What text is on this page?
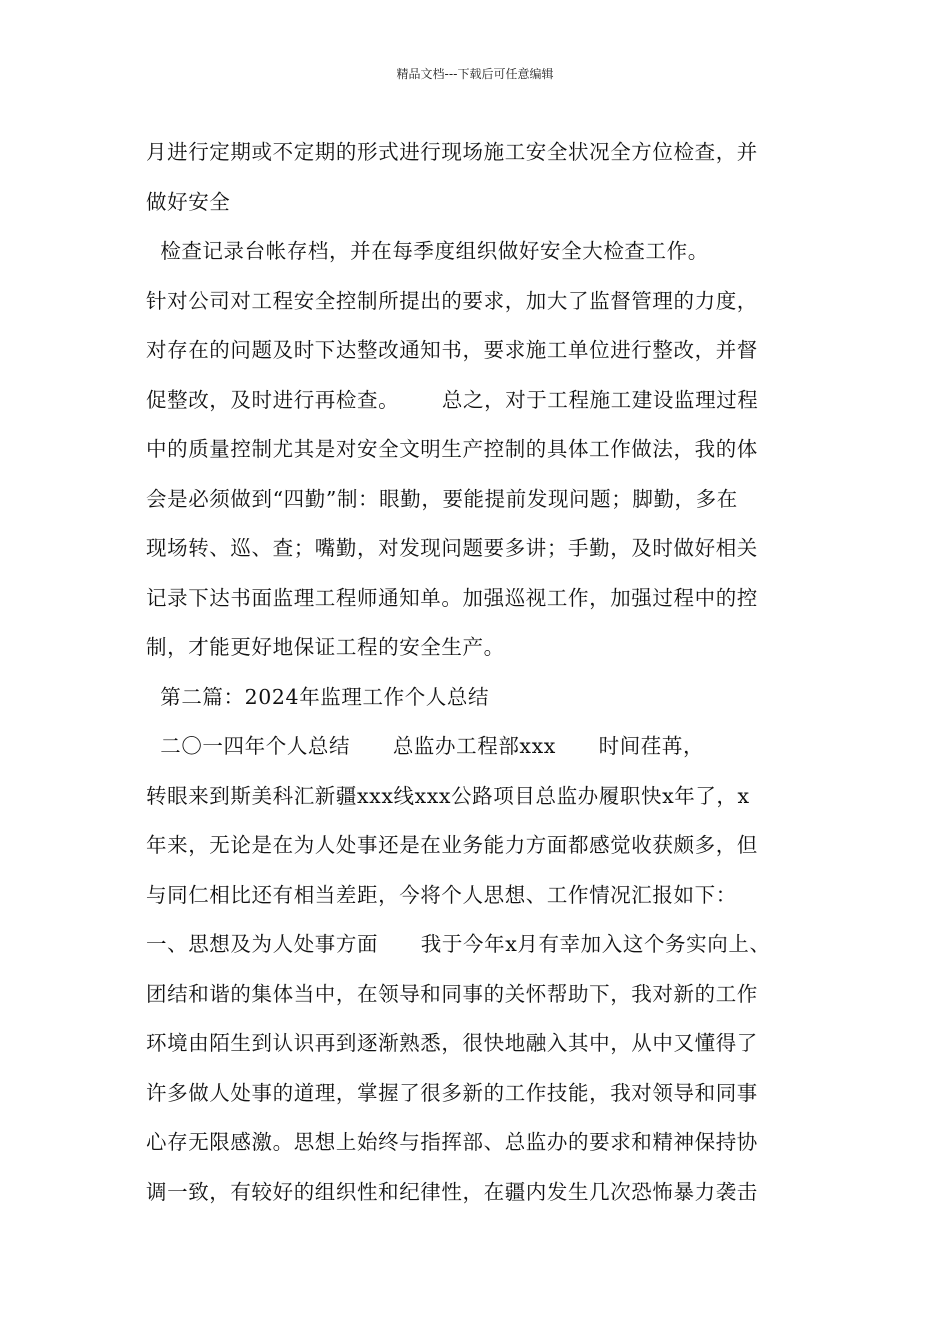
精品文档---下载后可任意编辑
月进行定期或不定期的形式进行现场施工安全状况全方位检查，并
做好安全
检查记录台帐存档，并在每季度组织做好安全大检查工作。
针对公司对工程安全控制所提出的要求，加大了监督管理的力度，
对存在的问题及时下达整改通知书，要求施工单位进行整改，并督
促整改，及时进行再检查。      总之，对于工程施工建设监理过程
中的质量控制尤其是对安全文明生产控制的具体工作做法，我的体
会是必须做到“四勤”制：眼勤，要能提前发现问题；脚勤，多在
现场转、巡、查；嘴勤，对发现问题要多讲；手勤，及时做好相关
记录下达书面监理工程师通知单。加强巡视工作，加强过程中的控
制，才能更好地保证工程的安全生产。
第二篇：2024年监理工作个人总结
二〇一四年个人总结      总监办工程部xxx      时间荏苒，
转眼来到斯美科汇新疆xxx线xxx公路项目总监办履职快x年了，x
年来，无论是在为人处事还是在业务能力方面都感觉收获颇多，但
与同仁相比还有相当差距，今将个人思想、工作情况汇报如下：
一、思想及为人处事方面      我于今年x月有幸加入这个务实向上、
团结和谐的集体当中，在领导和同事的关怀帮助下，我对新的工作
环境由陌生到认识再到逐渐熟悉，很快地融入其中，从中又懂得了
许多做人处事的道理，掌握了很多新的工作技能，我对领导和同事
心存无限感激。思想上始终与指挥部、总监办的要求和精神保持协
调一致，有较好的组织性和纪律性，在疆内发生几次恐怖暴力袭击
